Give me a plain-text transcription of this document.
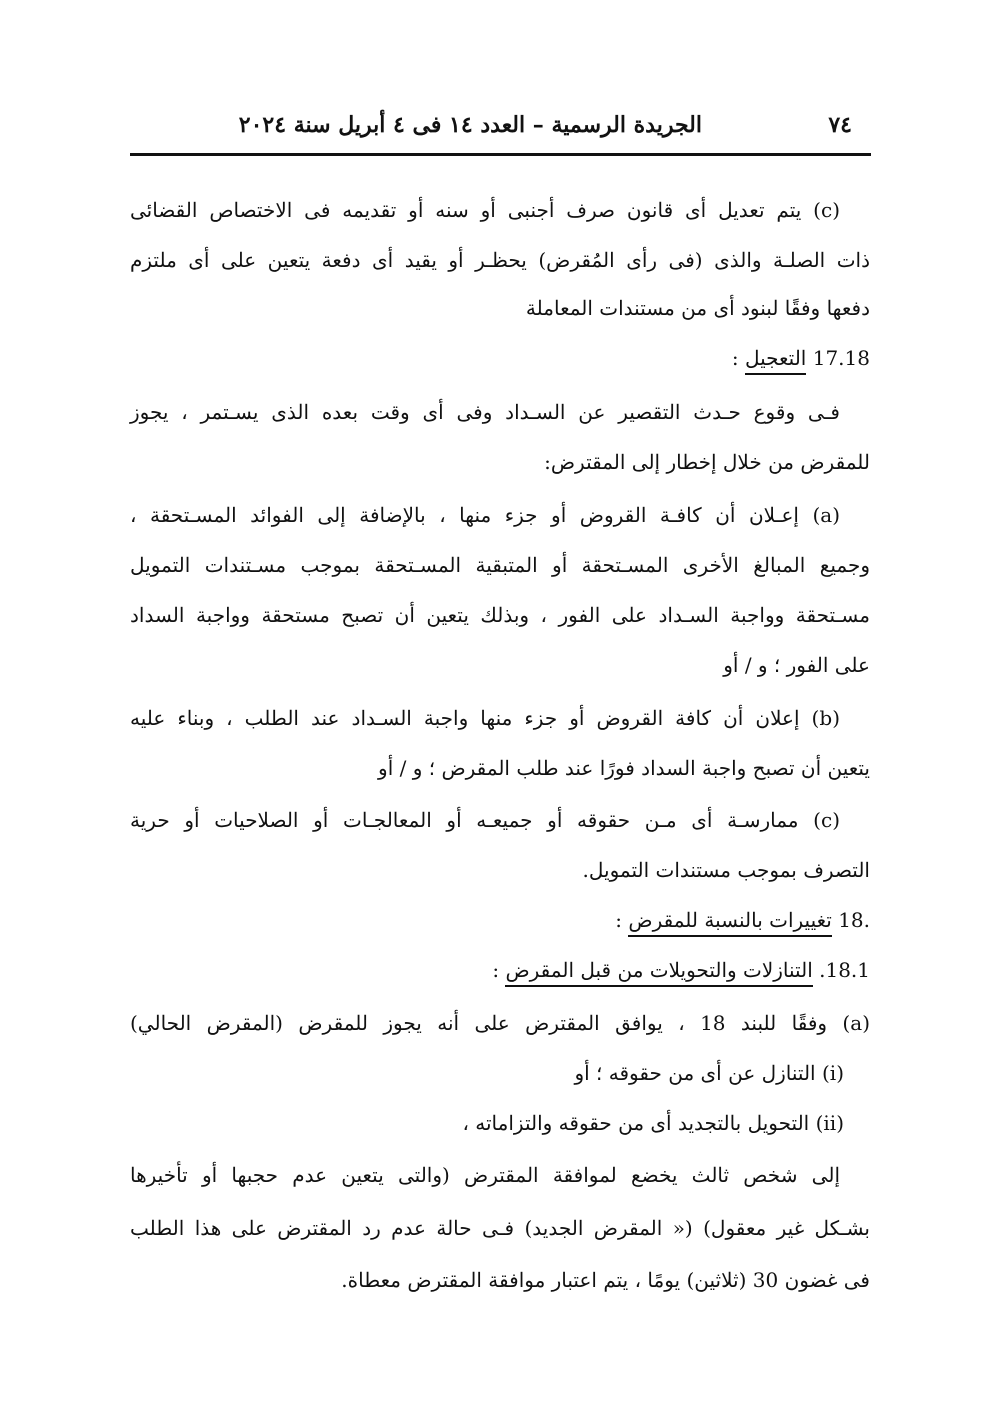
٧٤
الجريدة الرسمية – العدد ١٤ فى ٤ أبريل سنة ٢٠٢٤
(c) يتم تعديل أى قانون صرف أجنبى أو سنه أو تقديمه فى الاختصاص القضائى
ذات الصلـة والذى (فى رأى المُقرض) يحظـر أو يقيد أى دفعة يتعين على أى ملتزم
دفعها وفقًا لبنود أى من مستندات المعاملة
17.18 التعجيل :
فـى وقوع حـدث التقصير عن السـداد وفى أى وقت بعده الذى يسـتمر ، يجوز
للمقرض من خلال إخطار إلى المقترض:
(a) إعـلان أن كافـة القروض أو جزء منها ، بالإضافة إلى الفوائد المسـتحقة ،
وجميع المبالغ الأخرى المسـتحقة أو المتبقية المسـتحقة بموجب مسـتندات التمويل
مسـتحقة وواجبة السـداد على الفور ، وبذلك يتعين أن تصبح مستحقة وواجبة السداد
على الفور ؛ و / أو
(b) إعلان أن كافة القروض أو جزء منها واجبة السـداد عند الطلب ، وبناء عليه
يتعين أن تصبح واجبة السداد فورًا عند طلب المقرض ؛ و / أو
(c) ممارسـة أى مـن حقوقه أو جميعـه أو المعالجـات أو الصلاحيات أو حرية
التصرف بموجب مستندات التمويل.
.18 تغييرات بالنسبة للمقرض :
18.1. التنازلات والتحويلات من قبل المقرض :
(a) وفقًا للبند 18 ، يوافق المقترض على أنه يجوز للمقرض (المقرض الحالي)
(i) التنازل عن أى من حقوقه ؛ أو
(ii) التحويل بالتجديد أى من حقوقه والتزاماته ،
إلى شخص ثالث يخضع لموافقة المقترض (والتى يتعين عدم حجبها أو تأخيرها
بشـكل غير معقول) (« المقرض الجديد) فـى حالة عدم رد المقترض على هذا الطلب
فى غضون 30 (ثلاثين) يومًا ، يتم اعتبار موافقة المقترض معطاة.
